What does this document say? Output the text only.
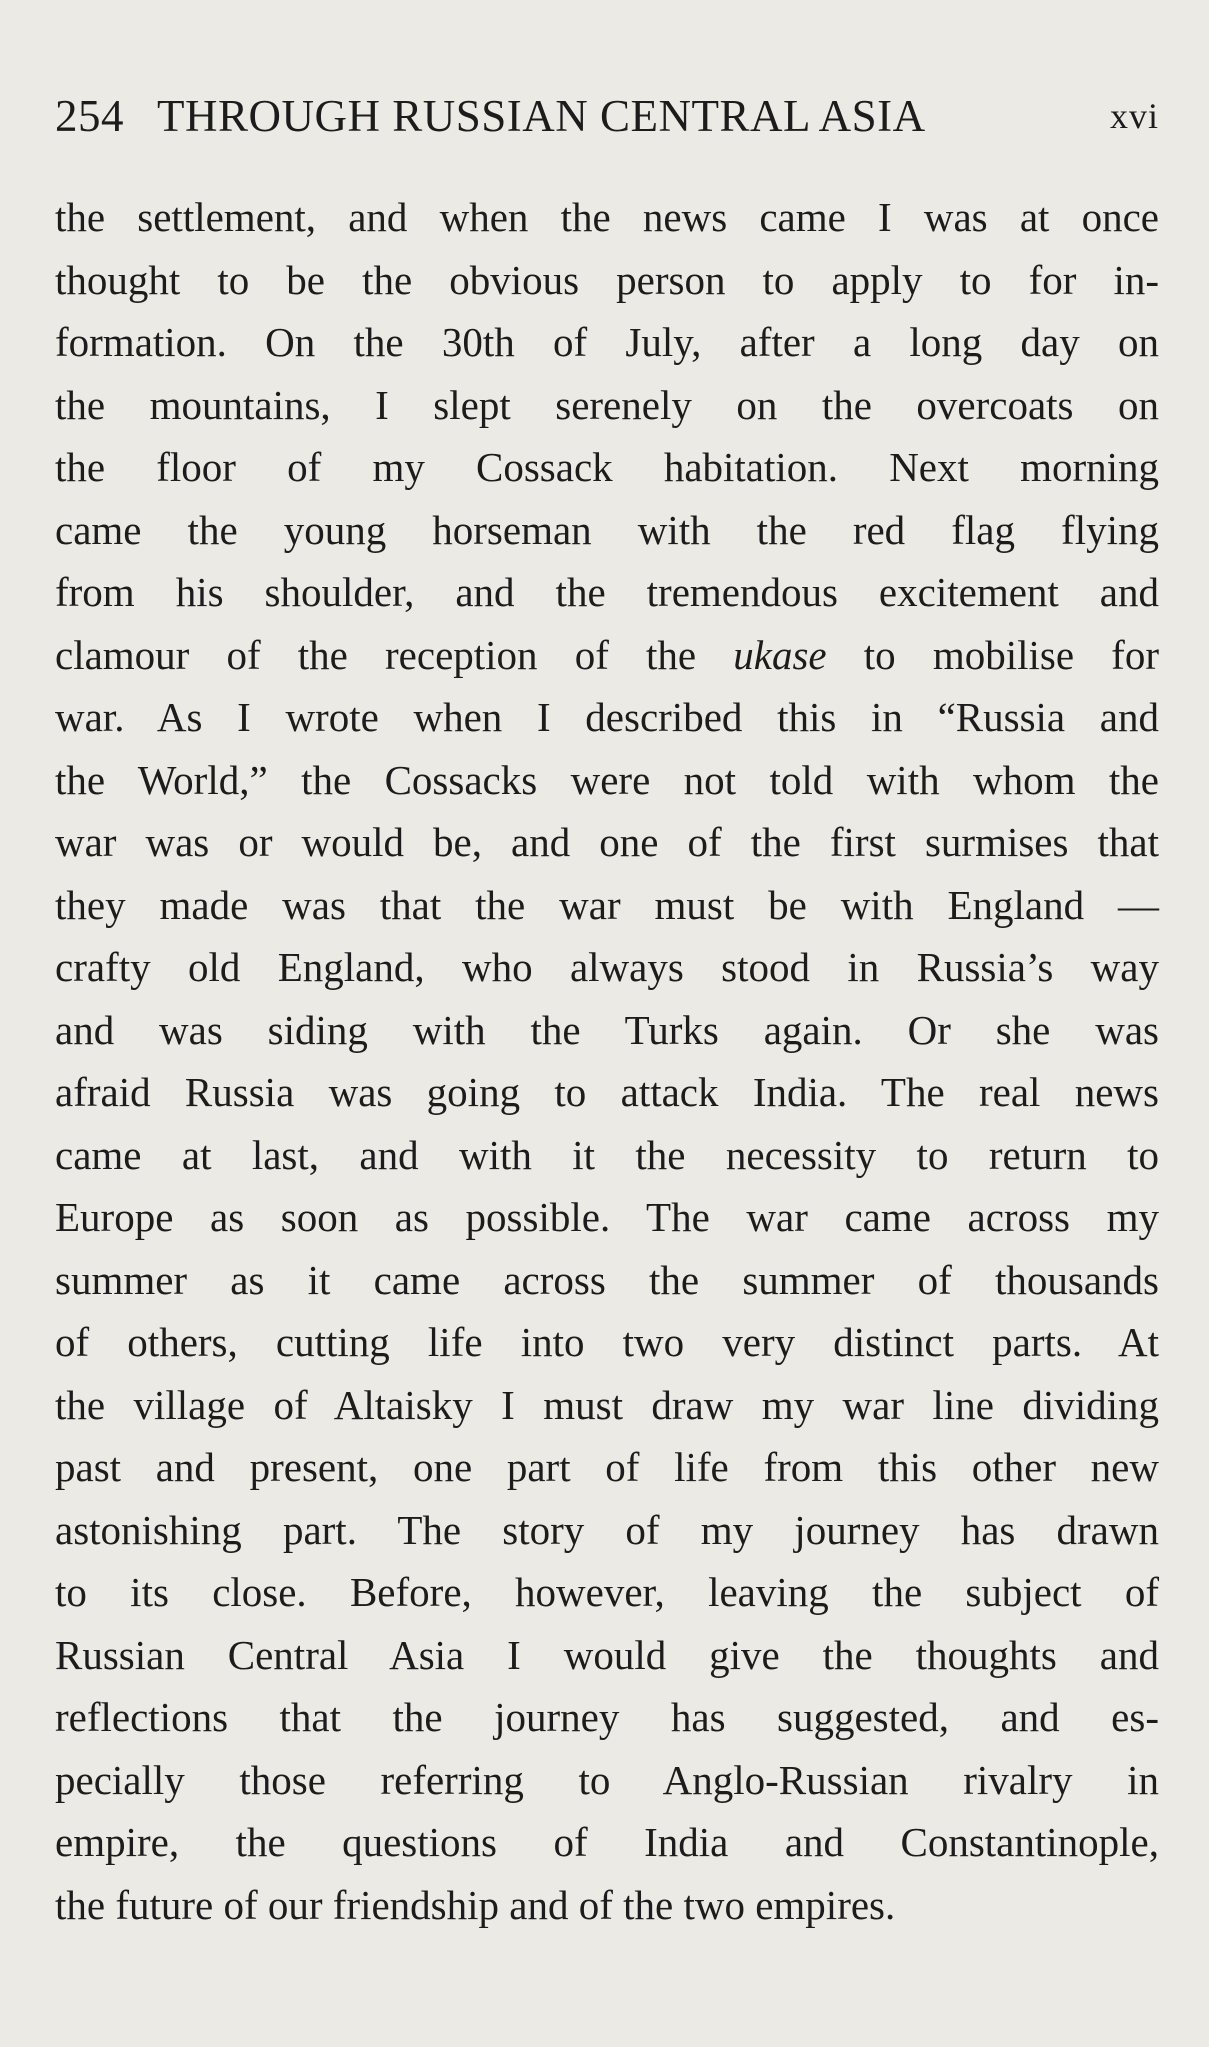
254 THROUGH RUSSIAN CENTRAL ASIA	xvi
the settlement, and when the news came I was at once
thought to be the obvious person to apply to for in-
formation. On the 30th of July, after a long day on
the mountains, I slept serenely on the overcoats on
the floor of my Cossack habitation. Next morning
came the young horseman with the red flag flying
from his shoulder, and the tremendous excitement and
clamour of the reception of the ukase to mobilise for
war. As I wrote when I described this in “Russia and
the World,” the Cossacks were not told with whom the
war was or would be, and one of the first surmises that
they made was that the war must be with England —
crafty old England, who always stood in Russia’s way
and was siding with the Turks again. Or she was
afraid Russia was going to attack India. The real news
came at last, and with it the necessity to return to
Europe as soon as possible. The war came across my
summer as it came across the summer of thousands
of others, cutting life into two very distinct parts. At
the village of Altaisky I must draw my war line dividing
past and present, one part of life from this other new
astonishing part. The story of my journey has drawn
to its close. Before, however, leaving the subject of
Russian Central Asia I would give the thoughts and
reflections that the journey has suggested, and es-
pecially those referring to Anglo-Russian rivalry in
empire, the questions of India and Constantinople,
the future of our friendship and of the two empires.
